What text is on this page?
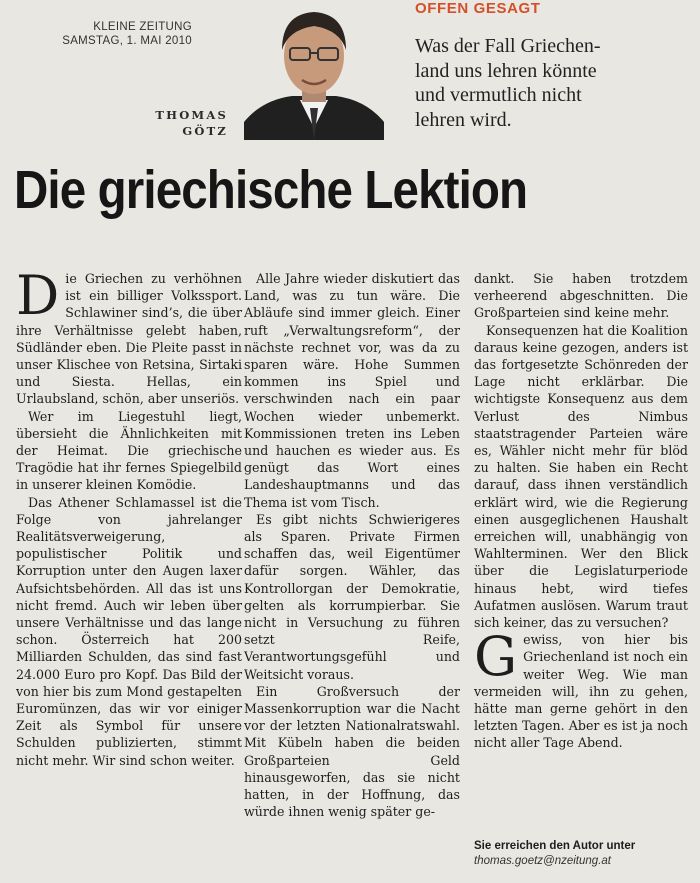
KLEINE ZEITUNG
SAMSTAG, 1. MAI 2010
THOMAS
GÖTZ
OFFEN GESAGT
Was der Fall Griechen-
land uns lehren könnte
und vermutlich nicht
lehren wird.
Die griechische Lektion

Die Griechen zu verhöhnen ist ein billiger Volkssport. Schlawiner sind’s, die über ihre Verhältnisse gelebt haben, Südländer eben. Die Pleite passt in unser Klischee von Retsina, Sirtaki und Siesta. Hellas, ein Urlaubsland, schön, aber unseriös.

Wer im Liegestuhl liegt, übersieht die Ähnlichkeiten mit der Heimat. Die griechische Tragödie hat ihr fernes Spiegelbild in unserer kleinen Komödie.

Das Athener Schlamassel ist die Folge von jahrelanger Realitätsverweigerung, populistischer Politik und Korruption unter den Augen laxer Aufsichtsbehörden. All das ist uns nicht fremd. Auch wir leben über unsere Verhältnisse und das lange schon. Österreich hat 200 Milliarden Schulden, das sind fast 24.000 Euro pro Kopf. Das Bild der von hier bis zum Mond gestapelten Euromünzen, das wir vor einiger Zeit als Symbol für unsere Schulden publizierten, stimmt nicht mehr. Wir sind schon weiter.

Alle Jahre wieder diskutiert das Land, was zu tun wäre. Die Abläufe sind immer gleich. Einer ruft „Verwaltungsreform“, der nächste rechnet vor, was da zu sparen wäre. Hohe Summen kommen ins Spiel und verschwinden nach ein paar Wochen wieder unbemerkt. Kommissionen treten ins Leben und hauchen es wieder aus. Es genügt das Wort eines Landeshauptmanns und das Thema ist vom Tisch.

Es gibt nichts Schwierigeres als Sparen. Private Firmen schaffen das, weil Eigentümer dafür sorgen. Wähler, das Kontrollorgan der Demokratie, gelten als korrumpierbar. Sie nicht in Versuchung zu führen setzt Reife, Verantwortungsgefühl und Weitsicht voraus.

Ein Großversuch der Massenkorruption war die Nacht vor der letzten Nationalratswahl. Mit Kübeln haben die beiden Großparteien Geld hinausgeworfen, das sie nicht hatten, in der Hoffnung, das würde ihnen wenig später ge-

dankt. Sie haben trotzdem verheerend abgeschnitten. Die Großparteien sind keine mehr.

Konsequenzen hat die Koalition daraus keine gezogen, anders ist das fortgesetzte Schönreden der Lage nicht erklärbar. Die wichtigste Konsequenz aus dem Verlust des Nimbus staatstragender Parteien wäre es, Wähler nicht mehr für blöd zu halten. Sie haben ein Recht darauf, dass ihnen verständlich erklärt wird, wie die Regierung einen ausgeglichenen Haushalt erreichen will, unabhängig von Wahlterminen. Wer den Blick über die Legislaturperiode hinaus hebt, wird tiefes Aufatmen auslösen. Warum traut sich keiner, das zu versuchen?

Gewiss, von hier bis Griechenland ist noch ein weiter Weg. Wie man vermeiden will, ihn zu gehen, hätte man gerne gehört in den letzten Tagen. Aber es ist ja noch nicht aller Tage Abend.

Sie erreichen den Autor unter
thomas.goetz@nzeitung.at
